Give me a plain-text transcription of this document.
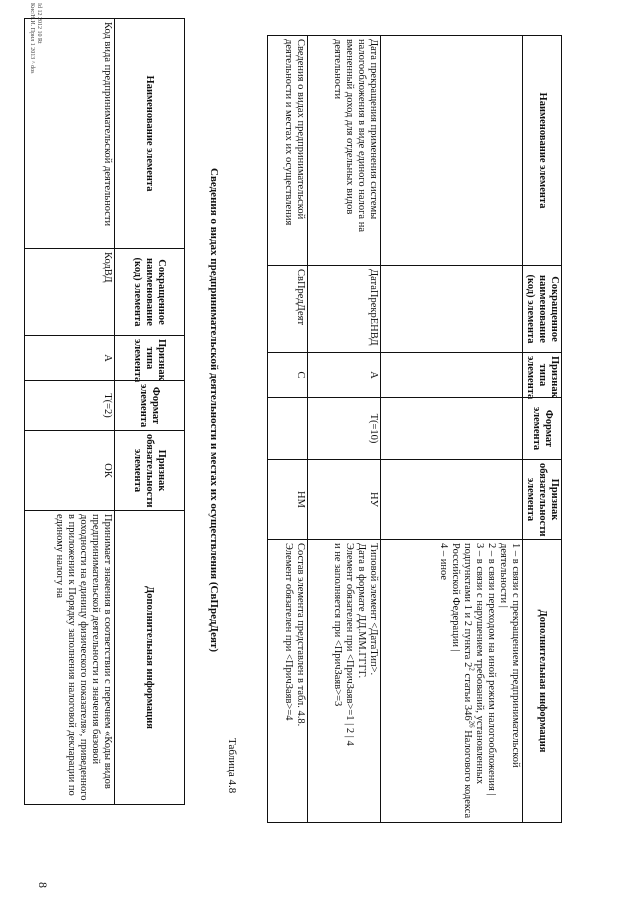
8
Наименование элемента	Сокращенное наименование (код) элемента	Признак типа элемента	Формат элемента	Признак обязательности элемента	Дополнительная информация

					1 – в связи с прекращением предпринимательской деятельности |
2 – в связи переходом на иной режим налогообложения |
3 – в связи с нарушением требований, установленных подпунктами 1 и 2 пункта $2^2$ статьи $346^{26}$ Налогового кодекса Российской Федерации |
4 – иное

Дата прекращения применения системы налогообложения в виде единого налога на вмененный доход для отдельных видов деятельности	ДатаПрекрЕНВД	А	T(=10)	НУ	Типовой элемент <ДатаТип>.
Дата в формате ДД.ММ.ГГГГ.
Элемент обязателен при <ПричЗаяв>=1 | 2 | 4
и не заполняется при <ПричЗаяв>=3

Сведения о видах предпринимательской деятельности и местах их осуществления	СвПредДеят	С		НМ	Состав элемента представлен в табл. 4.8.
Элемент обязателен при <ПричЗаяв>=4
Таблица 4.8
Сведения о видах предпринимательской деятельности и местах их осуществления (СвПредДеят)
Наименование элемента	Сокращенное наименование (код) элемента	Признак типа элемента	Формат элемента	Признак обязательности элемента	Дополнительная информация
Код вида предпринимательской деятельности	КодВД	А	T(=2)	ОК	Принимает значения в соответствии с перечнем «Коды видов предпринимательской деятельности и значения базовой доходности на единицу физического показателя», приведенного в приложении к Порядку заполнения налоговой декларации по единому налогу на
Id 12 2012 10 Rt
Кнс/Н.И. Прил 1 2013 ^ dos
